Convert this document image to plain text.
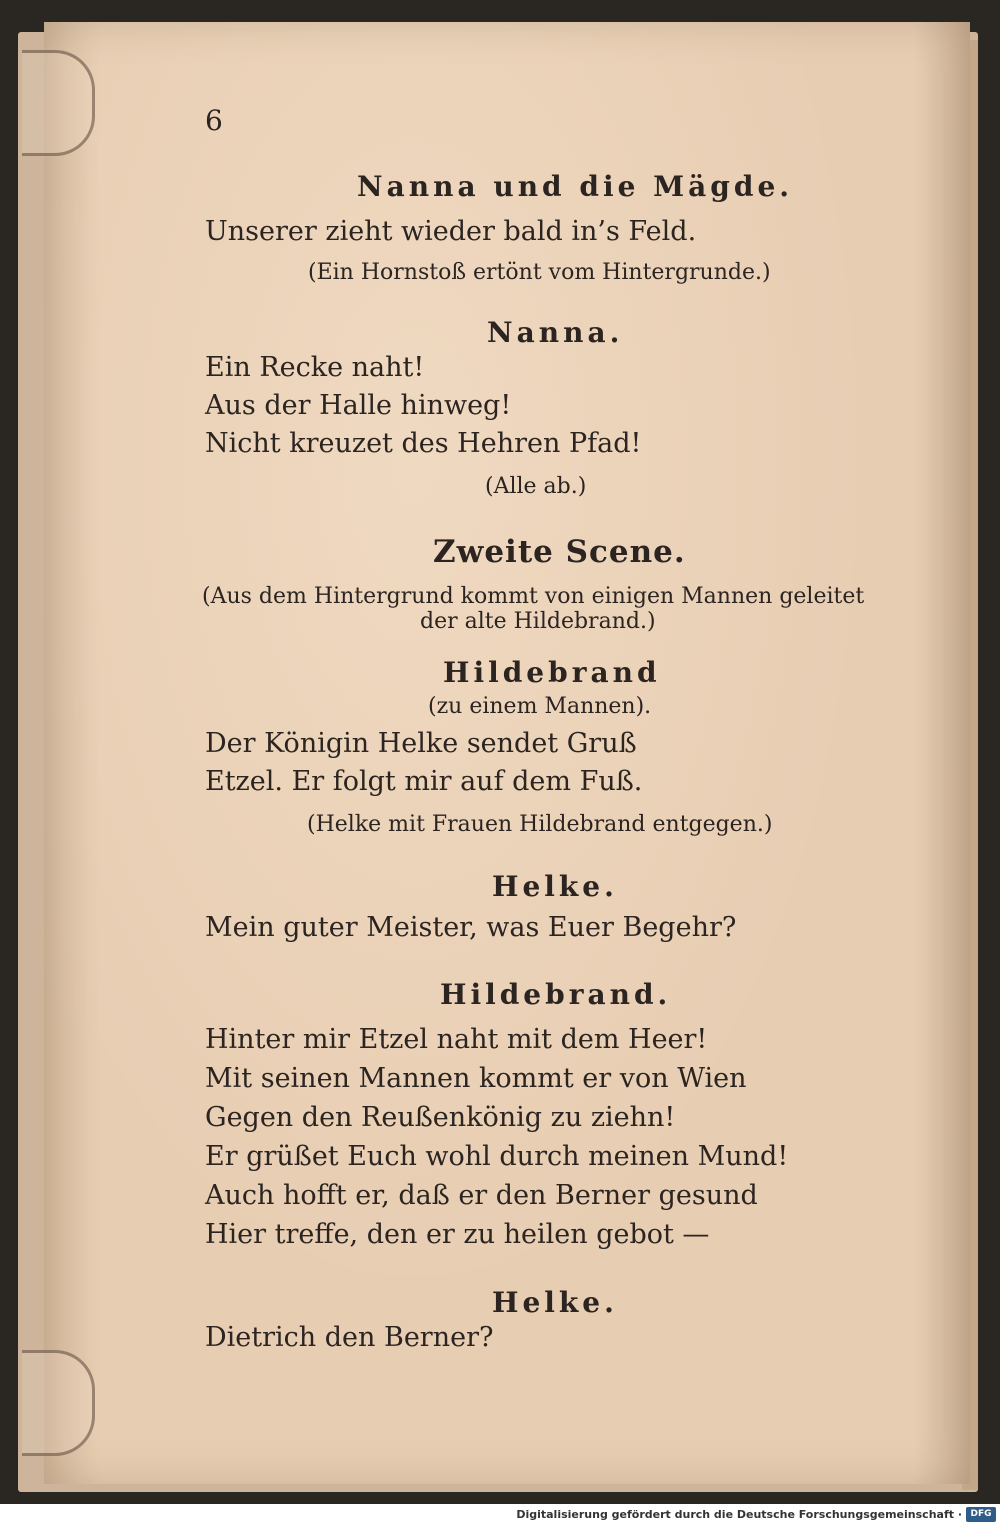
6
Nanna und die Mägde.
Unserer zieht wieder bald in’s Feld.
(Ein Hornstoß ertönt vom Hintergrunde.)
Nanna.
Ein Recke naht!
Aus der Halle hinweg!
Nicht kreuzet des Hehren Pfad!
(Alle ab.)
Zweite Scene.
(Aus dem Hintergrund kommt von einigen Mannen geleitet
der alte Hildebrand.)
Hildebrand
(zu einem Mannen).
Der Königin Helke sendet Gruß
Etzel. Er folgt mir auf dem Fuß.
(Helke mit Frauen Hildebrand entgegen.)
Helke.
Mein guter Meister, was Euer Begehr?
Hildebrand.
Hinter mir Etzel naht mit dem Heer!
Mit seinen Mannen kommt er von Wien
Gegen den Reußenkönig zu ziehn!
Er grüßet Euch wohl durch meinen Mund!
Auch hofft er, daß er den Berner gesund
Hier treffe, den er zu heilen gebot —
Helke.
Dietrich den Berner?
Digitalisierung gefördert durch die Deutsche Forschungsgemeinschaft · DFG
